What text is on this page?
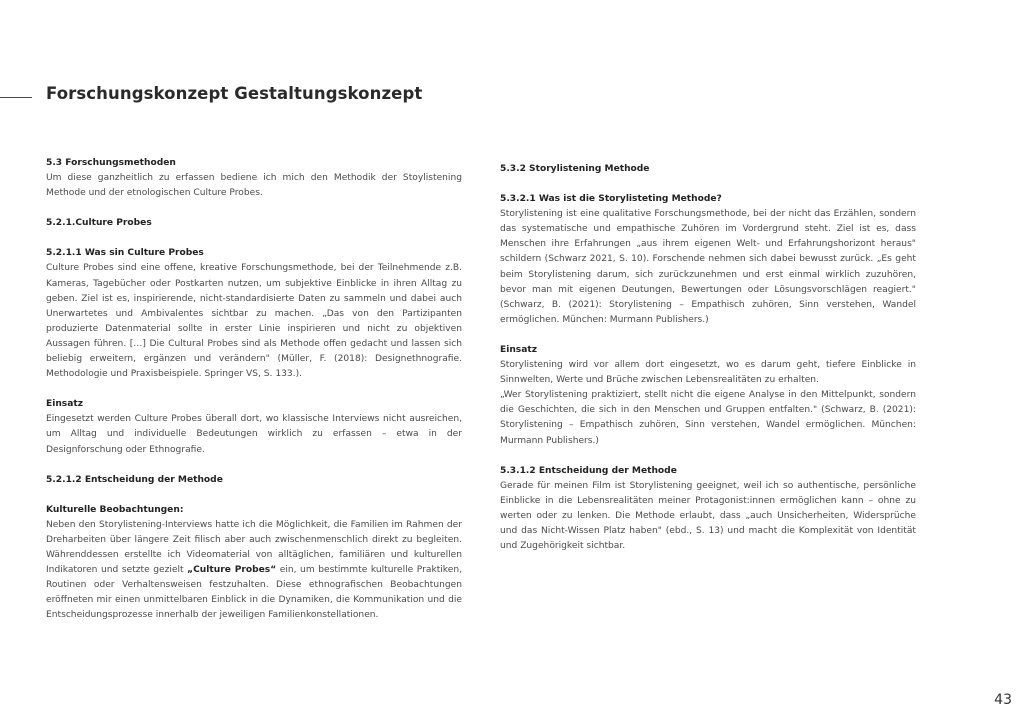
Forschungskonzept Gestaltungskonzept

5.3 Forschungsmethoden

Um diese ganzheitlich zu erfassen bediene ich mich den Methodik der Stoylistening Methode und der etnologischen Culture Probes.

5.2.1.Culture Probes

5.2.1.1 Was sin Culture Probes

Culture Probes sind eine offene, kreative Forschungsmethode, bei der Teilnehmende z.B. Kameras, Tagebücher oder Postkarten nutzen, um subjektive Einblicke in ihren Alltag zu geben. Ziel ist es, inspirierende, nicht-standardisierte Daten zu sammeln und dabei auch Unerwartetes und Ambivalentes sichtbar zu machen. „Das von den Partizipanten produzierte Datenmaterial sollte in erster Linie inspirieren und nicht zu objektiven Aussagen führen. […] Die Cultural Probes sind als Methode offen gedacht und lassen sich beliebig erweitern, ergänzen und verändern" (Müller, F. (2018): Designethnografie. Methodologie und Praxisbeispiele. Springer VS, S. 133.).

Einsatz

Eingesetzt werden Culture Probes überall dort, wo klassische Interviews nicht ausreichen, um Alltag und individuelle Bedeutungen wirklich zu erfassen – etwa in der Designforschung oder Ethnografie.

5.2.1.2 Entscheidung der Methode

Kulturelle Beobachtungen:

Neben den Storylistening-Interviews hatte ich die Möglichkeit, die Familien im Rahmen der Dreharbeiten über längere Zeit filisch aber auch zwischenmenschlich direkt zu begleiten. Währenddessen erstellte ich Videomaterial von alltäglichen, familiären und kulturellen Indikatoren und setzte gezielt „Culture Probes“ ein, um bestimmte kulturelle Praktiken, Routinen oder Verhaltensweisen festzuhalten. Diese ethnografischen Beobachtungen eröffneten mir einen unmittelbaren Einblick in die Dynamiken, die Kommunikation und die Entscheidungsprozesse innerhalb der jeweiligen Familienkonstellationen.

5.3.2 Storylistening Methode

5.3.2.1 Was ist die Storylisteting Methode?

Storylistening ist eine qualitative Forschungsmethode, bei der nicht das Erzählen, sondern das systematische und empathische Zuhören im Vordergrund steht. Ziel ist es, dass Menschen ihre Erfahrungen „aus ihrem eigenen Welt- und Erfahrungshorizont heraus" schildern (Schwarz 2021, S. 10). Forschende nehmen sich dabei bewusst zurück. „Es geht beim Storylistening darum, sich zurückzunehmen und erst einmal wirklich zuzuhören, bevor man mit eigenen Deutungen, Bewertungen oder Lösungsvorschlägen reagiert." (Schwarz, B. (2021): Storylistening – Empathisch zuhören, Sinn verstehen, Wandel ermöglichen. München: Murmann Publishers.)

Einsatz

Storylistening wird vor allem dort eingesetzt, wo es darum geht, tiefere Einblicke in Sinnwelten, Werte und Brüche zwischen Lebensrealitäten zu erhalten.

„Wer Storylistening praktiziert, stellt nicht die eigene Analyse in den Mittelpunkt, sondern die Geschichten, die sich in den Menschen und Gruppen entfalten." (Schwarz, B. (2021): Storylistening – Empathisch zuhören, Sinn verstehen, Wandel ermöglichen. München: Murmann Publishers.)

5.3.1.2 Entscheidung der Methode

Gerade für meinen Film ist Storylistening geeignet, weil ich so authentische, persönliche Einblicke in die Lebensrealitäten meiner Protagonist:innen ermöglichen kann – ohne zu werten oder zu lenken. Die Methode erlaubt, dass „auch Unsicherheiten, Widersprüche und das Nicht-Wissen Platz haben" (ebd., S. 13) und macht die Komplexität von Identität und Zugehörigkeit sichtbar.

43
